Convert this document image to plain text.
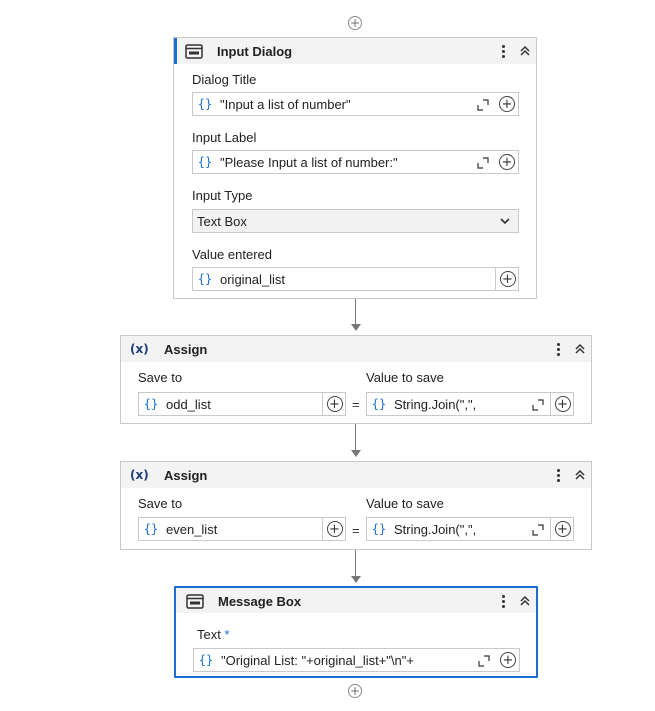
+
Input Dialog
Dialog Title
{} "Input a list of number"	+
Input Label
{} "Please Input a list of number:"	+
Input Type
Text Box
Value entered
{} original_list	+
(x) Assign
Save to	Value to save
{} odd_list	+ =	{} String.Join(",",	+
(x) Assign
Save to	Value to save
{} even_list	+ =	{} String.Join(",",	+
Message Box
Text *
{} "Original List: "+original_list+"\n"+	+
+
